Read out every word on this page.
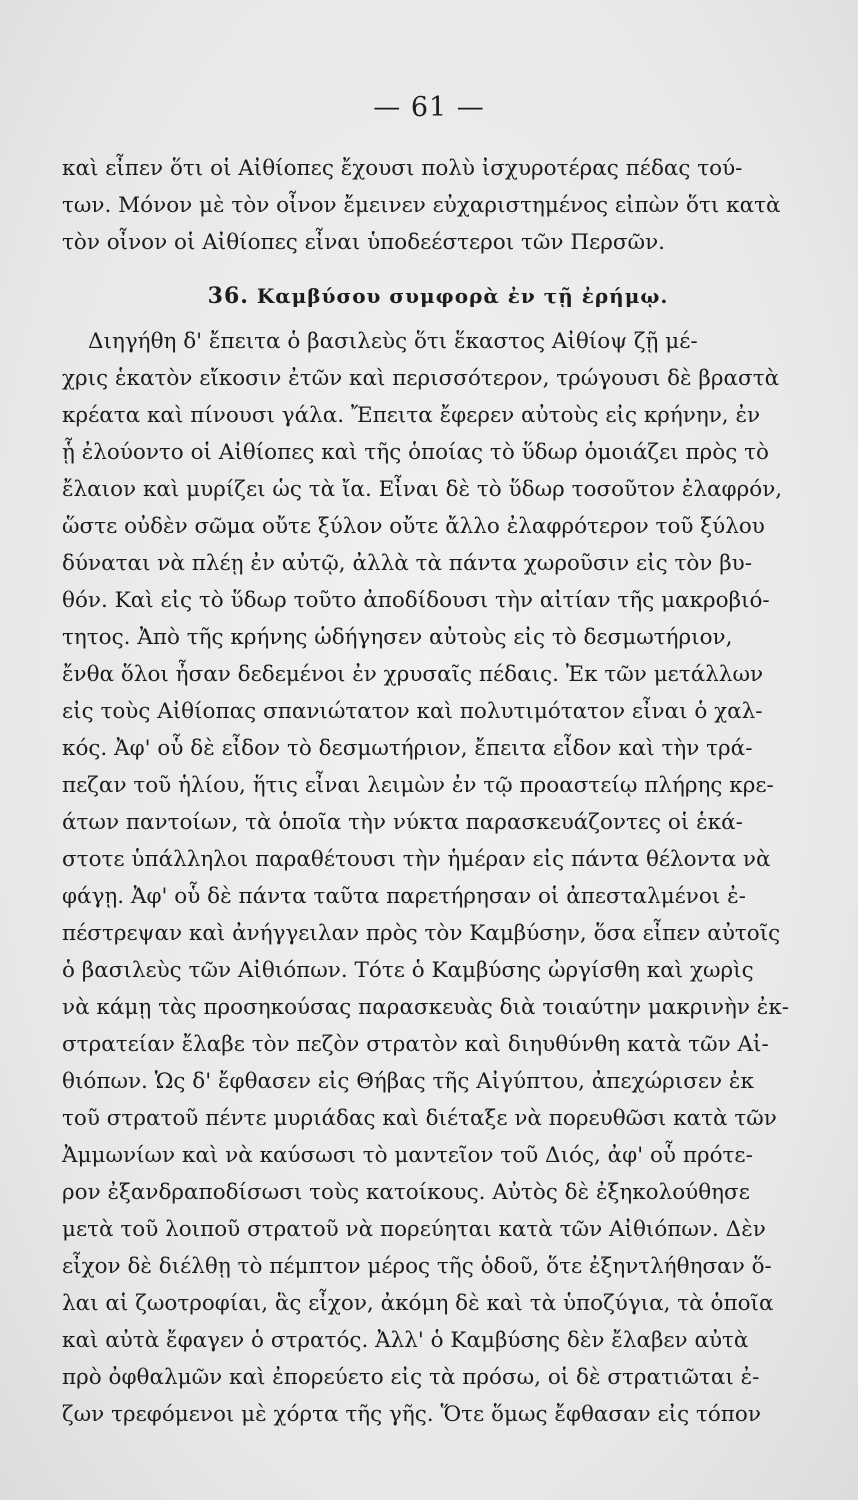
— 61 —
καὶ εἶπεν ὅτι οἱ Αἰθίοπες ἔχουσι πολὺ ἰσχυροτέρας πέδας τού-
των. Μόνον μὲ τὸν οἶνον ἔμεινεν εὐχαριστημένος εἰπὼν ὅτι κατὰ
τὸν οἶνον οἱ Αἰθίοπες εἶναι ὑποδεέστεροι τῶν Περσῶν.
36. Καμβύσου συμφορὰ ἐν τῇ ἐρήμῳ.
Διηγήθη δ' ἔπειτα ὁ βασιλεὺς ὅτι ἕκαστος Αἰθίοψ ζῇ μέ-
χρις ἑκατὸν εἴκοσιν ἐτῶν καὶ περισσότερον, τρώγουσι δὲ βραστὰ
κρέατα καὶ πίνουσι γάλα. Ἔπειτα ἔφερεν αὐτοὺς εἰς κρήνην, ἐν
ᾗ ἐλούοντο οἱ Αἰθίοπες καὶ τῆς ὁποίας τὸ ὕδωρ ὁμοιάζει πρὸς τὸ
ἔλαιον καὶ μυρίζει ὡς τὰ ἴα. Εἶναι δὲ τὸ ὕδωρ τοσοῦτον ἐλαφρόν,
ὥστε οὐδὲν σῶμα οὔτε ξύλον οὔτε ἄλλο ἐλαφρότερον τοῦ ξύλου
δύναται νὰ πλέῃ ἐν αὐτῷ, ἀλλὰ τὰ πάντα χωροῦσιν εἰς τὸν βυ-
θόν. Καὶ εἰς τὸ ὕδωρ τοῦτο ἀποδίδουσι τὴν αἰτίαν τῆς μακροβιό-
τητος. Ἀπὸ τῆς κρήνης ὡδήγησεν αὐτοὺς εἰς τὸ δεσμωτήριον,
ἔνθα ὅλοι ἦσαν δεδεμένοι ἐν χρυσαῖς πέδαις. Ἐκ τῶν μετάλλων
εἰς τοὺς Αἰθίοπας σπανιώτατον καὶ πολυτιμότατον εἶναι ὁ χαλ-
κός. Ἀφ' οὗ δὲ εἶδον τὸ δεσμωτήριον, ἔπειτα εἶδον καὶ τὴν τρά-
πεζαν τοῦ ἡλίου, ἥτις εἶναι λειμὼν ἐν τῷ προαστείῳ πλήρης κρε-
άτων παντοίων, τὰ ὁποῖα τὴν νύκτα παρασκευάζοντες οἱ ἑκά-
στοτε ὑπάλληλοι παραθέτουσι τὴν ἡμέραν εἰς πάντα θέλοντα νὰ
φάγῃ. Ἀφ' οὗ δὲ πάντα ταῦτα παρετήρησαν οἱ ἀπεσταλμένοι ἐ-
πέστρεψαν καὶ ἀνήγγειλαν πρὸς τὸν Καμβύσην, ὅσα εἶπεν αὐτοῖς
ὁ βασιλεὺς τῶν Αἰθιόπων. Τότε ὁ Καμβύσης ὠργίσθη καὶ χωρὶς
νὰ κάμῃ τὰς προσηκούσας παρασκευὰς διὰ τοιαύτην μακρινὴν ἐκ-
στρατείαν ἔλαβε τὸν πεζὸν στρατὸν καὶ διηυθύνθη κατὰ τῶν Αἰ-
θιόπων. Ὡς δ' ἔφθασεν εἰς Θήβας τῆς Αἰγύπτου, ἀπεχώρισεν ἐκ
τοῦ στρατοῦ πέντε μυριάδας καὶ διέταξε νὰ πορευθῶσι κατὰ τῶν
Ἀμμωνίων καὶ νὰ καύσωσι τὸ μαντεῖον τοῦ Διός, ἀφ' οὗ πρότε-
ρον ἐξανδραποδίσωσι τοὺς κατοίκους. Αὐτὸς δὲ ἐξηκολούθησε
μετὰ τοῦ λοιποῦ στρατοῦ νὰ πορεύηται κατὰ τῶν Αἰθιόπων. Δὲν
εἶχον δὲ διέλθῃ τὸ πέμπτον μέρος τῆς ὁδοῦ, ὅτε ἐξηντλήθησαν ὅ-
λαι αἱ ζωοτροφίαι, ἃς εἶχον, ἀκόμη δὲ καὶ τὰ ὑποζύγια, τὰ ὁποῖα
καὶ αὐτὰ ἔφαγεν ὁ στρατός. Ἀλλ' ὁ Καμβύσης δὲν ἔλαβεν αὐτὰ
πρὸ ὀφθαλμῶν καὶ ἐπορεύετο εἰς τὰ πρόσω, οἱ δὲ στρατιῶται ἐ-
ζων τρεφόμενοι μὲ χόρτα τῆς γῆς. Ὅτε ὅμως ἔφθασαν εἰς τόπον
